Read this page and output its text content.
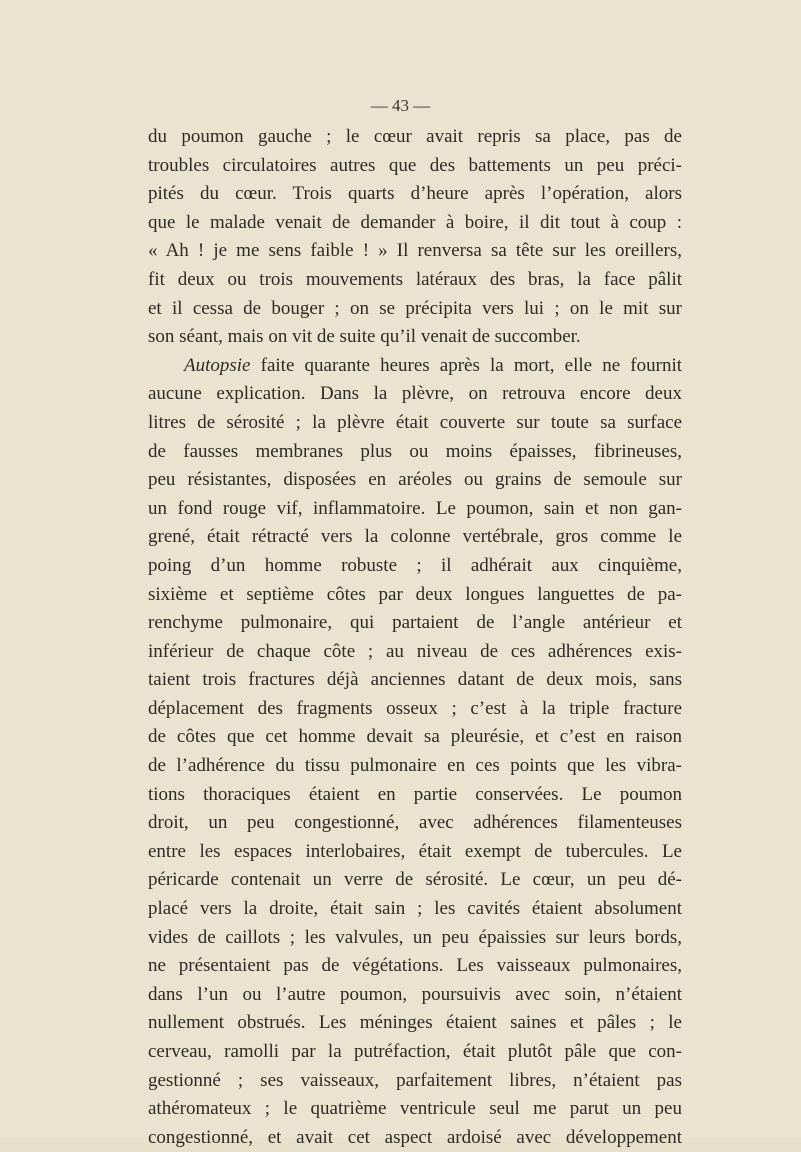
— 43 —
du poumon gauche ; le cœur avait repris sa place, pas de
troubles circulatoires autres que des battements un peu préci-
pités du cœur. Trois quarts d’heure après l’opération, alors
que le malade venait de demander à boire, il dit tout à coup :
« Ah ! je me sens faible ! » Il renversa sa tête sur les oreillers,
fit deux ou trois mouvements latéraux des bras, la face pâlit
et il cessa de bouger ; on se précipita vers lui ; on le mit sur
son séant, mais on vit de suite qu’il venait de succomber.
Autopsie faite quarante heures après la mort, elle ne fournit
aucune explication. Dans la plèvre, on retrouva encore deux
litres de sérosité ; la plèvre était couverte sur toute sa surface
de fausses membranes plus ou moins épaisses, fibrineuses,
peu résistantes, disposées en aréoles ou grains de semoule sur
un fond rouge vif, inflammatoire. Le poumon, sain et non gan-
grené, était rétracté vers la colonne vertébrale, gros comme le
poing d’un homme robuste ; il adhérait aux cinquième,
sixième et septième côtes par deux longues languettes de pa-
renchyme pulmonaire, qui partaient de l’angle antérieur et
inférieur de chaque côte ; au niveau de ces adhérences exis-
taient trois fractures déjà anciennes datant de deux mois, sans
déplacement des fragments osseux ; c’est à la triple fracture
de côtes que cet homme devait sa pleurésie, et c’est en raison
de l’adhérence du tissu pulmonaire en ces points que les vibra-
tions thoraciques étaient en partie conservées. Le poumon
droit, un peu congestionné, avec adhérences filamenteuses
entre les espaces interlobaires, était exempt de tubercules. Le
péricarde contenait un verre de sérosité. Le cœur, un peu dé-
placé vers la droite, était sain ; les cavités étaient absolument
vides de caillots ; les valvules, un peu épaissies sur leurs bords,
ne présentaient pas de végétations. Les vaisseaux pulmonaires,
dans l’un ou l’autre poumon, poursuivis avec soin, n’étaient
nullement obstrués. Les méninges étaient saines et pâles ; le
cerveau, ramolli par la putréfaction, était plutôt pâle que con-
gestionné ; ses vaisseaux, parfaitement libres, n’étaient pas
athéromateux ; le quatrième ventricule seul me parut un peu
congestionné, et avait cet aspect ardoisé avec développement
